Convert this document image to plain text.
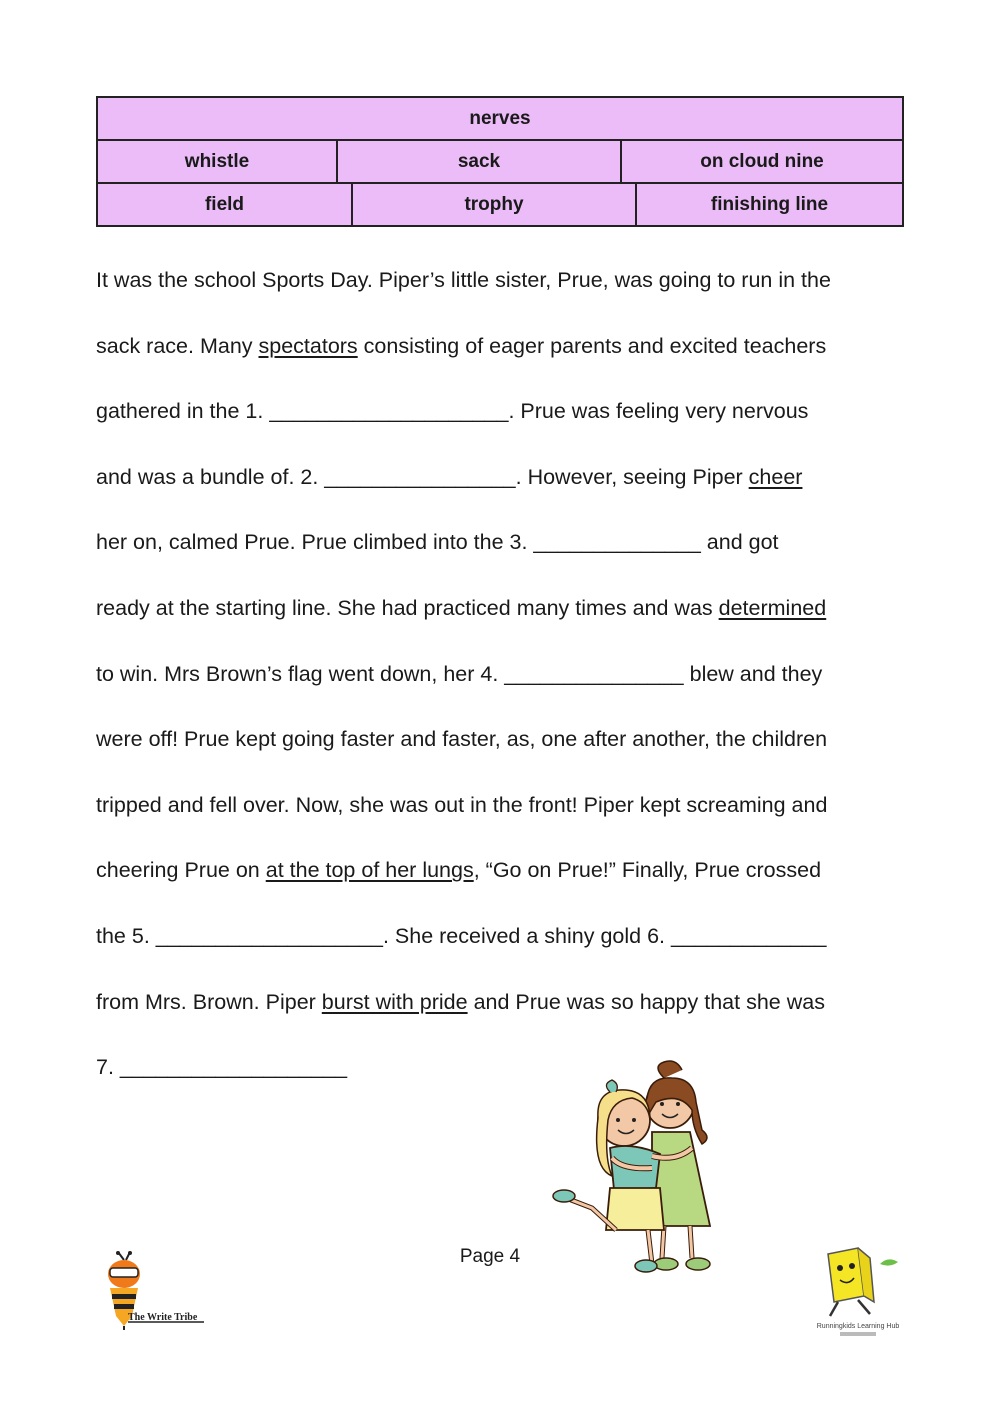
nerves
whistle	sack	on cloud nine
field	trophy	finishing line
It was the school Sports Day. Piper’s little sister, Prue, was going to run in the
sack race. Many spectators consisting of eager parents and excited teachers
gathered in the 1. ____________________. Prue was feeling very nervous
and was a bundle of. 2. ________________. However, seeing Piper cheer
her on, calmed Prue. Prue climbed into the 3. ______________ and got
ready at the starting line. She had practiced many times and was determined
to win. Mrs Brown’s flag went down, her 4. _______________ blew and they
were off! Prue kept going faster and faster, as, one after another, the children
tripped and fell over. Now, she was out in the front! Piper kept screaming and
cheering Prue on at the top of her lungs, “Go on Prue!” Finally, Prue crossed
the 5. ___________________. She received a shiny gold 6. _____________
from Mrs. Brown. Piper burst with pride and Prue was so happy that she was
7. ___________________
Page 4
The Write Tribe
Runningkids Learning Hub
